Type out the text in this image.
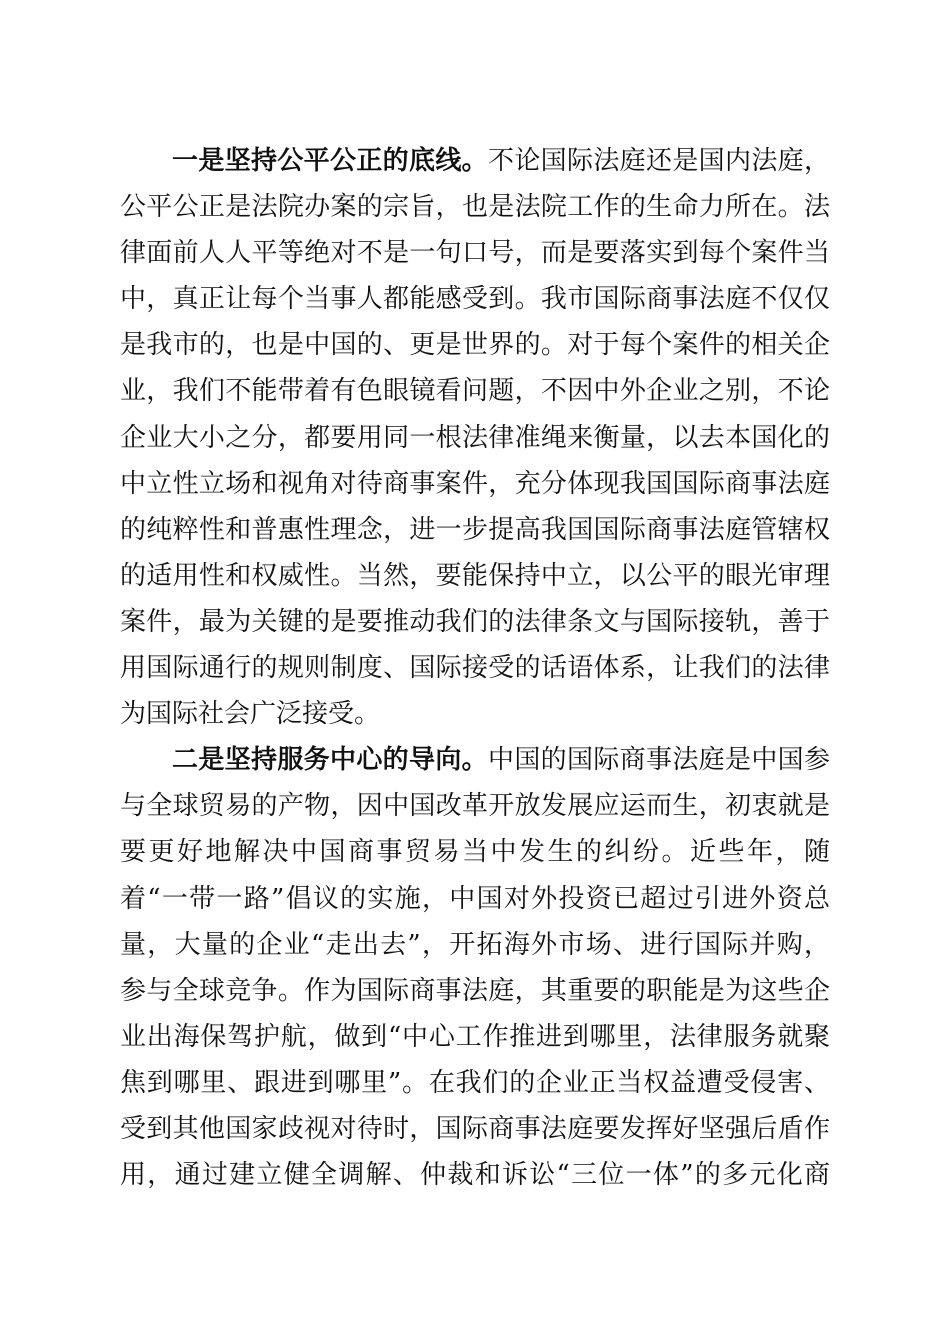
一是坚持公平公正的底线。不论国际法庭还是国内法庭，
公平公正是法院办案的宗旨，也是法院工作的生命力所在。法
律面前人人平等绝对不是一句口号，而是要落实到每个案件当
中，真正让每个当事人都能感受到。我市国际商事法庭不仅仅
是我市的，也是中国的、更是世界的。对于每个案件的相关企
业，我们不能带着有色眼镜看问题，不因中外企业之别，不论
企业大小之分，都要用同一根法律准绳来衡量，以去本国化的
中立性立场和视角对待商事案件，充分体现我国国际商事法庭
的纯粹性和普惠性理念，进一步提高我国国际商事法庭管辖权
的适用性和权威性。当然，要能保持中立，以公平的眼光审理
案件，最为关键的是要推动我们的法律条文与国际接轨，善于
用国际通行的规则制度、国际接受的话语体系，让我们的法律
为国际社会广泛接受。
二是坚持服务中心的导向。中国的国际商事法庭是中国参
与全球贸易的产物，因中国改革开放发展应运而生，初衷就是
要更好地解决中国商事贸易当中发生的纠纷。近些年，随
着“一带一路”倡议的实施，中国对外投资已超过引进外资总
量，大量的企业“走出去”，开拓海外市场、进行国际并购，
参与全球竞争。作为国际商事法庭，其重要的职能是为这些企
业出海保驾护航，做到“中心工作推进到哪里，法律服务就聚
焦到哪里、跟进到哪里”。在我们的企业正当权益遭受侵害、
受到其他国家歧视对待时，国际商事法庭要发挥好坚强后盾作
用，通过建立健全调解、仲裁和诉讼“三位一体”的多元化商
